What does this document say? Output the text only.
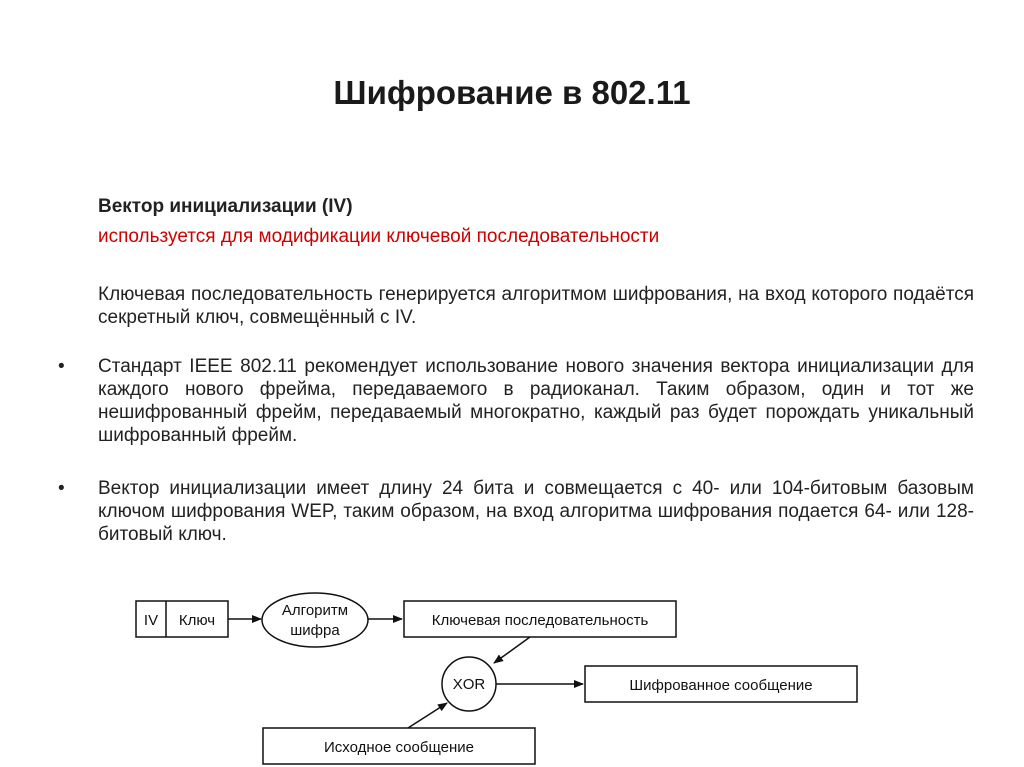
Шифрование в 802.11
Вектор инициализации (IV)
используется для модификации ключевой последовательности
Ключевая последовательность генерируется алгоритмом шифрования, на вход которого подаётся секретный ключ, совмещённый с IV.
• Стандарт IEEE 802.11 рекомендует использование нового значения вектора инициализации для каждого нового фрейма, передаваемого в радиоканал. Таким образом, один и тот же нешифрованный фрейм, передаваемый многократно, каждый раз будет порождать уникальный шифрованный фрейм.
• Вектор инициализации имеет длину 24 бита и совмещается с 40- или 104-битовым базовым ключом шифрования WEP, таким образом, на вход алгоритма шифрования подается 64- или 128-битовый ключ.
IV Ключ
Алгоритм
шифра
Ключевая последовательность
XOR	Шифрованное сообщение
Исходное сообщение
